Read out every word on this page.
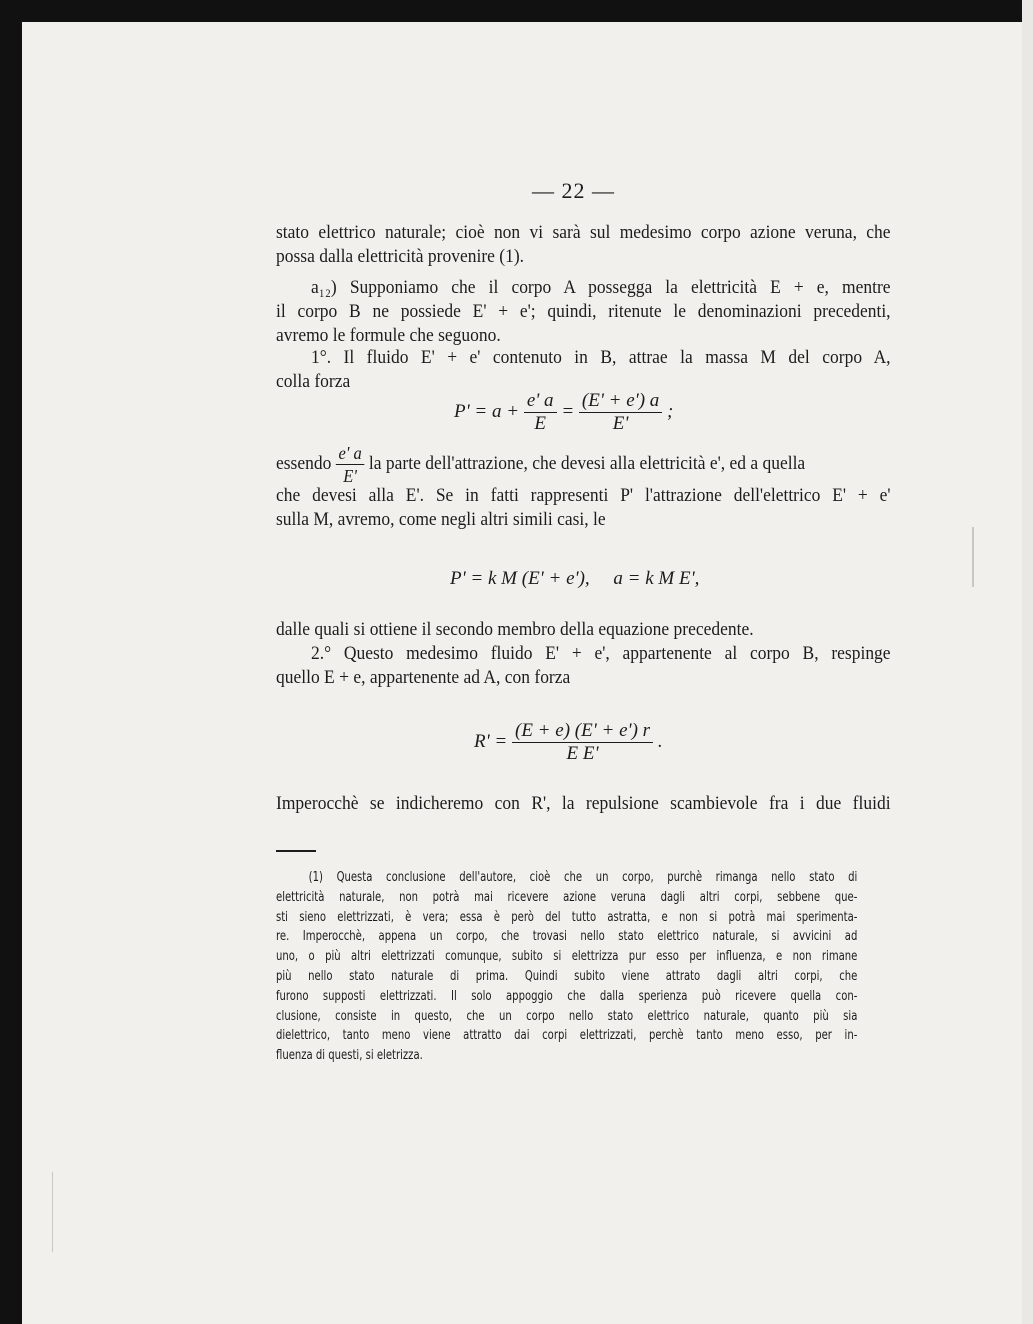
— 22 —
stato elettrico naturale; cioè non vi sarà sul medesimo corpo azione veruna, che
possa dalla elettricità provenire (1).
a₁₂) Supponiamo che il corpo A possegga la elettricità E + e, mentre
il corpo B ne possiede E' + e'; quindi, ritenute le denominazioni precedenti,
avremo le formule che seguono.
1°. Il fluido E' + e' contenuto in B, attrae la massa M del corpo A,
colla forza
$P' = a + \frac{e' a}{E} = \frac{(E' + e') a}{E'}$ ;
essendo $\frac{e' a}{E'}$ la parte dell'attrazione, che devesi alla elettricità e', ed a quella
che devesi alla E'. Se in fatti rappresenti P' l'attrazione dell'elettrico E' + e'
sulla M, avremo, come negli altri simili casi, le
P' = k M (E' + e'),     a = k M E',
dalle quali si ottiene il secondo membro della equazione precedente.
2.° Questo medesimo fluido E' + e', appartenente al corpo B, respinge
quello E + e, appartenente ad A, con forza
$R' = \frac{(E + e) (E' + e') r}{\text{E E'}}$ .
Imperocchè se indicheremo con R', la repulsione scambievole fra i due fluidi
(1) Questa conclusione dell'autore, cioè che un corpo, purchè rimanga nello stato di
elettricità naturale, non potrà mai ricevere azione veruna dagli altri corpi, sebbene que-
sti sieno elettrizzati, è vera; essa è però del tutto astratta, e non si potrà mai sperimenta-
re. Imperocchè, appena un corpo, che trovasi nello stato elettrico naturale, si avvicini ad
uno, o più altri elettrizzati comunque, subito si elettrizza pur esso per influenza, e non rimane
più nello stato naturale di prima. Quindi subito viene attrato dagli altri corpi, che
furono supposti elettrizzati. Il solo appoggio che dalla sperienza può ricevere quella con-
clusione, consiste in questo, che un corpo nello stato elettrico naturale, quanto più sia
dielettrico, tanto meno viene attratto dai corpi elettrizzati, perchè tanto meno esso, per in-
fluenza di questi, si eletrizza.
